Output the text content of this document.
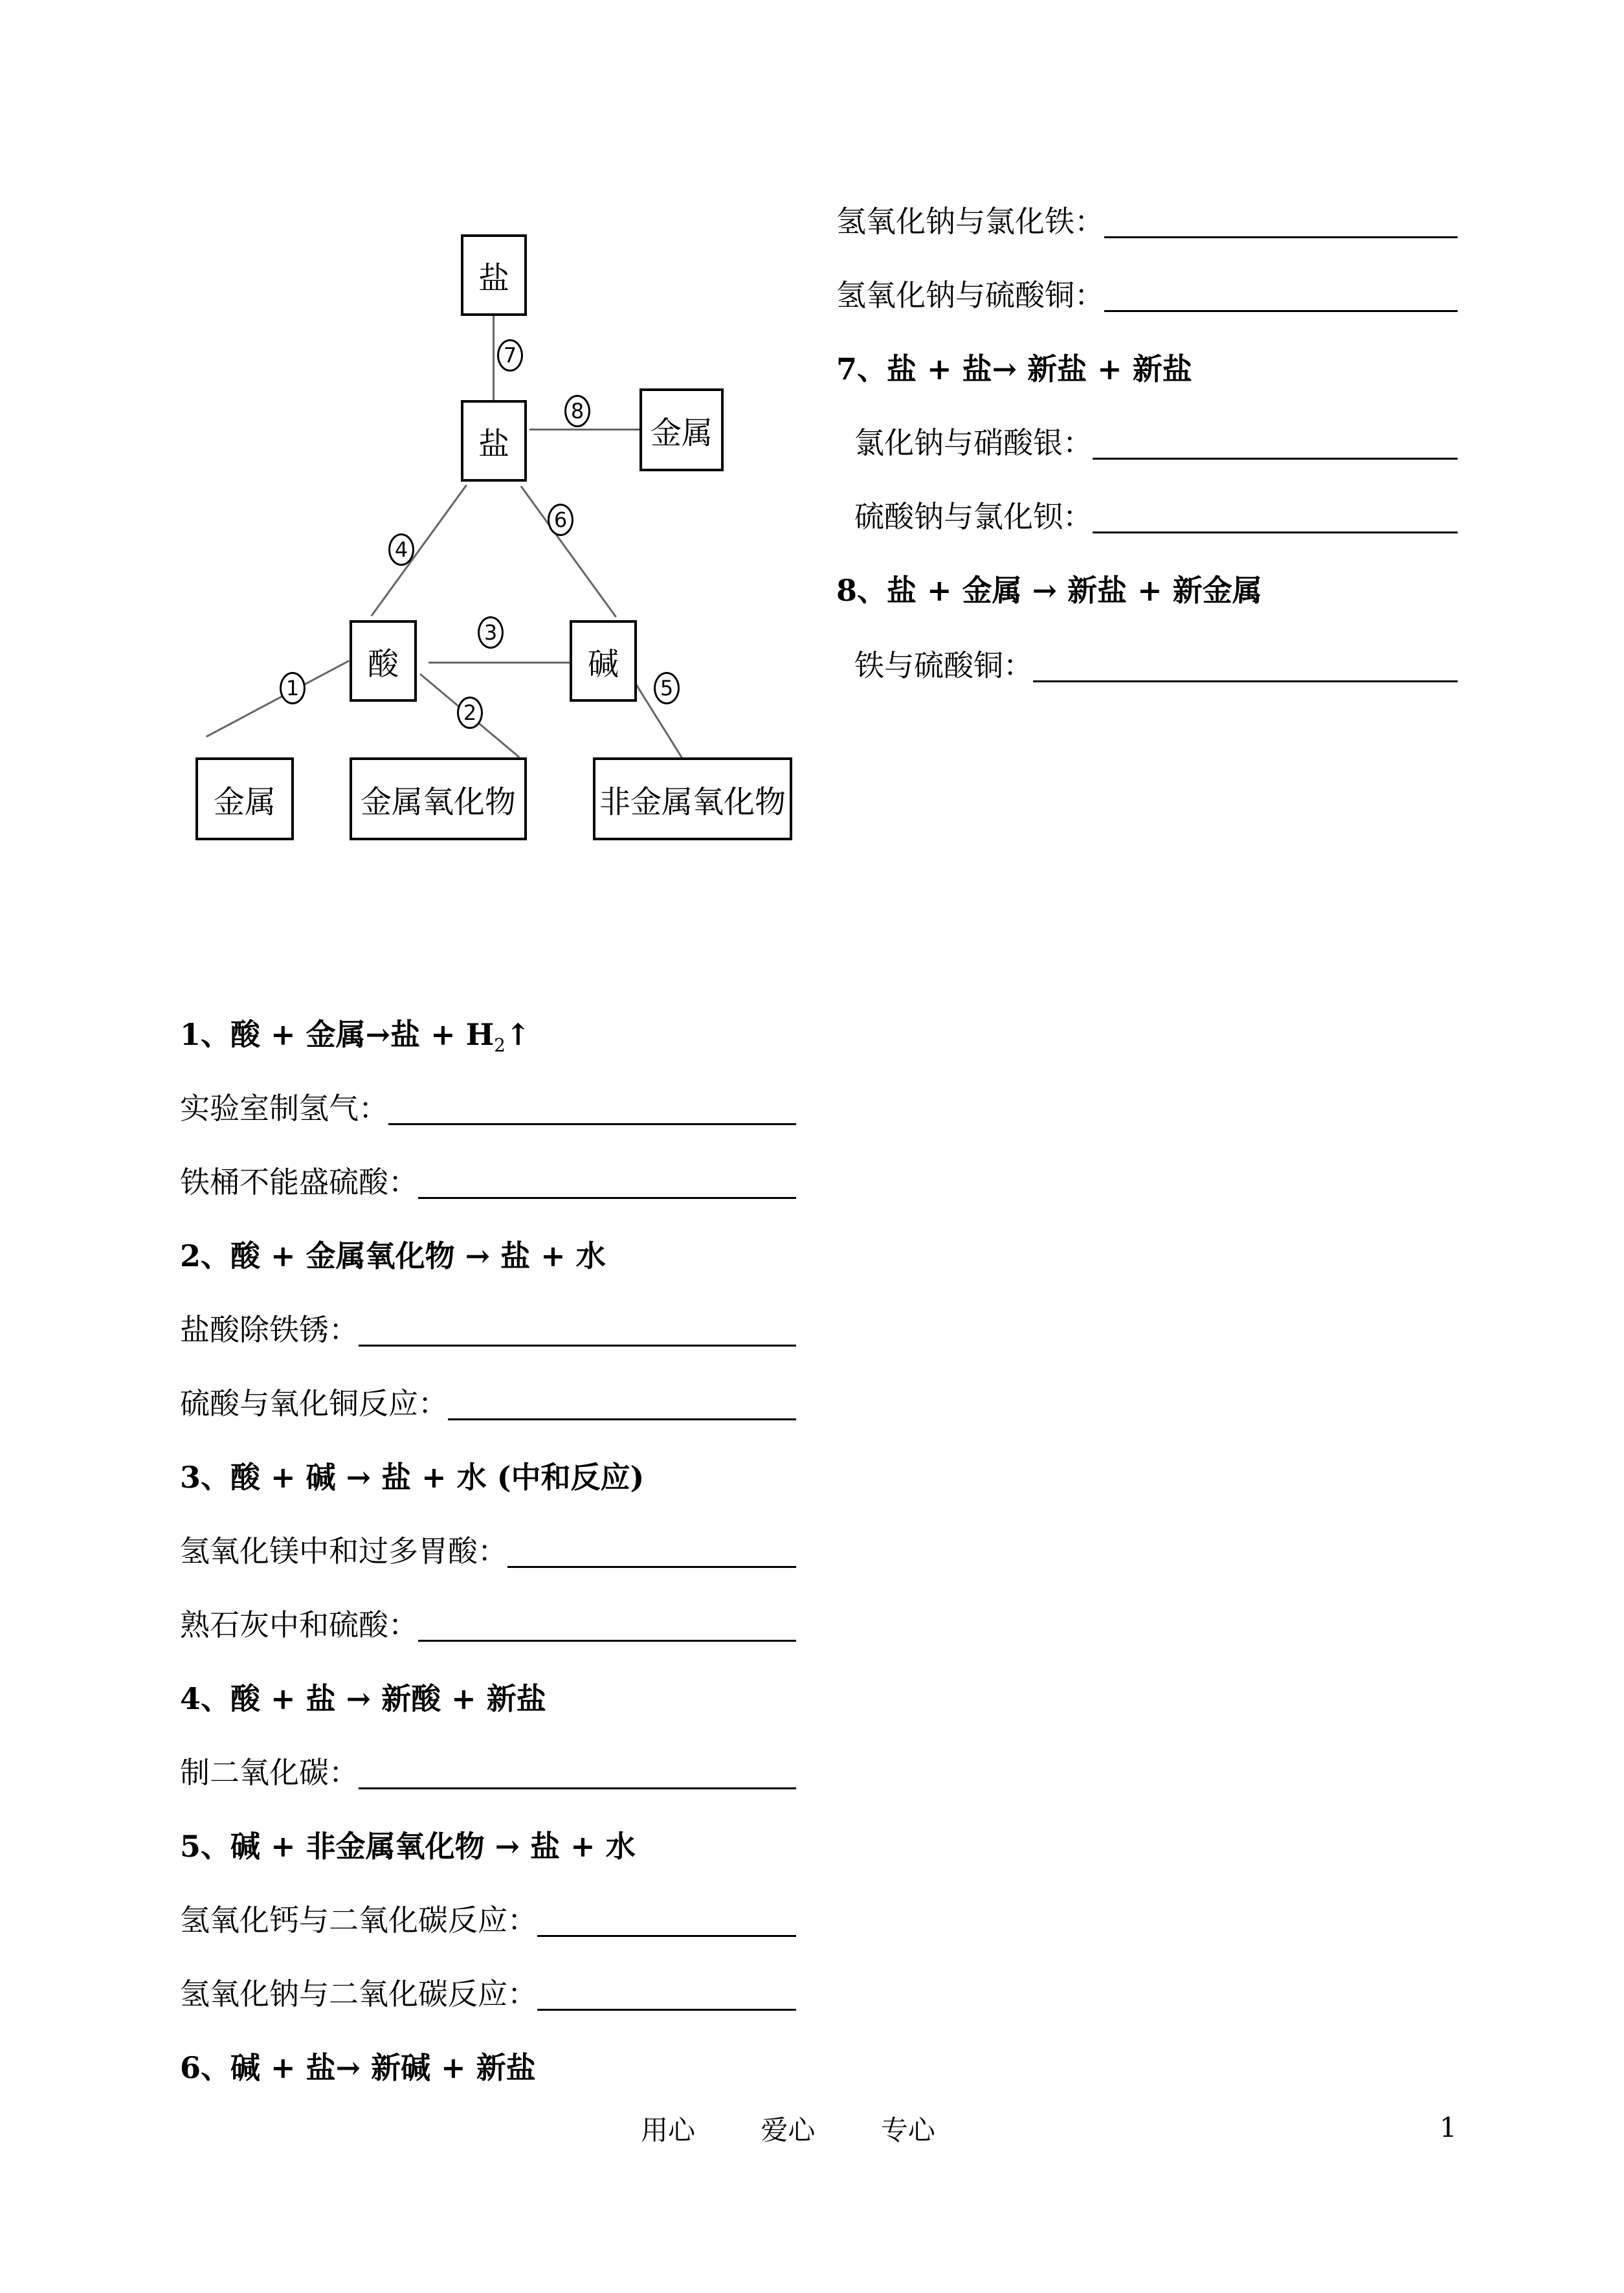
盐
盐	金属
酸	碱
金属	金属氧化物	非金属氧化物
7
8
4
6
3
1
2
5
氢氧化钠与氯化铁：
氢氧化钠与硫酸铜：
7、盐 + 盐→ 新盐 + 新盐
氯化钠与硝酸银：
硫酸钠与氯化钡：
8、盐 + 金属 → 新盐 + 新金属
铁与硫酸铜：
1、酸 + 金属→盐 + $H_2↑$
实验室制氢气：
铁桶不能盛硫酸：
2、酸 + 金属氧化物 → 盐 + 水
盐酸除铁锈：
硫酸与氧化铜反应：
3、酸 + 碱 → 盐 + 水 (中和反应)
氢氧化镁中和过多胃酸：
熟石灰中和硫酸：
4、酸 + 盐 → 新酸 + 新盐
制二氧化碳：
5、碱 + 非金属氧化物 → 盐 + 水
氢氧化钙与二氧化碳反应：
氢氧化钠与二氧化碳反应：
6、碱 + 盐→ 新碱 + 新盐
用心 爱心 专心	1
